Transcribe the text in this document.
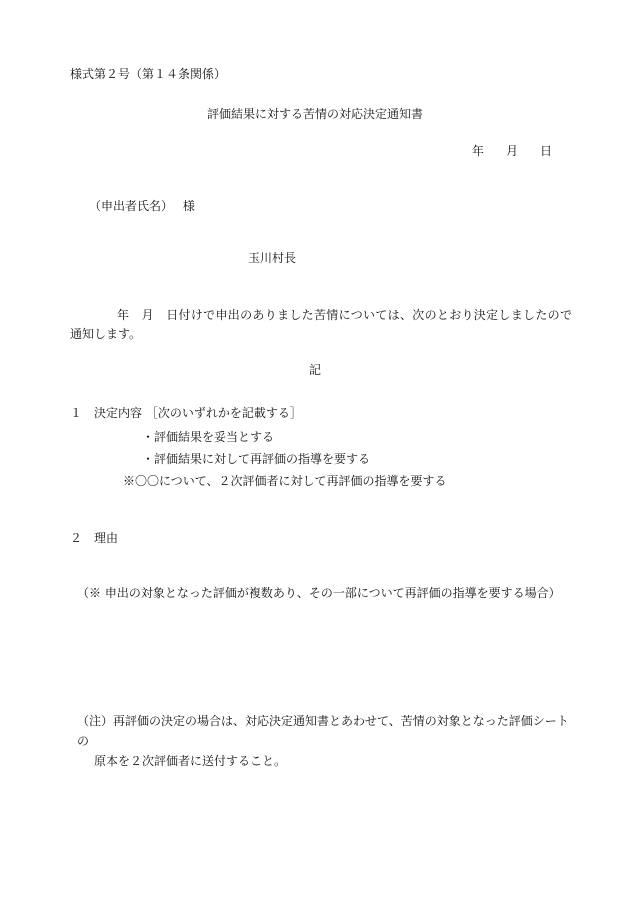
様式第２号（第１４条関係）
評価結果に対する苦情の対応決定通知書
年 月 日
（申出者氏名）　 様
玉川村長
年　月　日付けで申出のありました苦情については、次のとおり決定しましたので通知します。
記
１　決定内容 ［次のいずれかを記載する］
・評価結果を妥当とする
・評価結果に対して再評価の指導を要する
※〇〇について、２次評価者に対して再評価の指導を要する
２　理由
（※ 申出の対象となった評価が複数あり、その一部について再評価の指導を要する場合）
（注）再評価の決定の場合は、対応決定通知書とあわせて、苦情の対象となった評価シートの
原本を２次評価者に送付すること。
